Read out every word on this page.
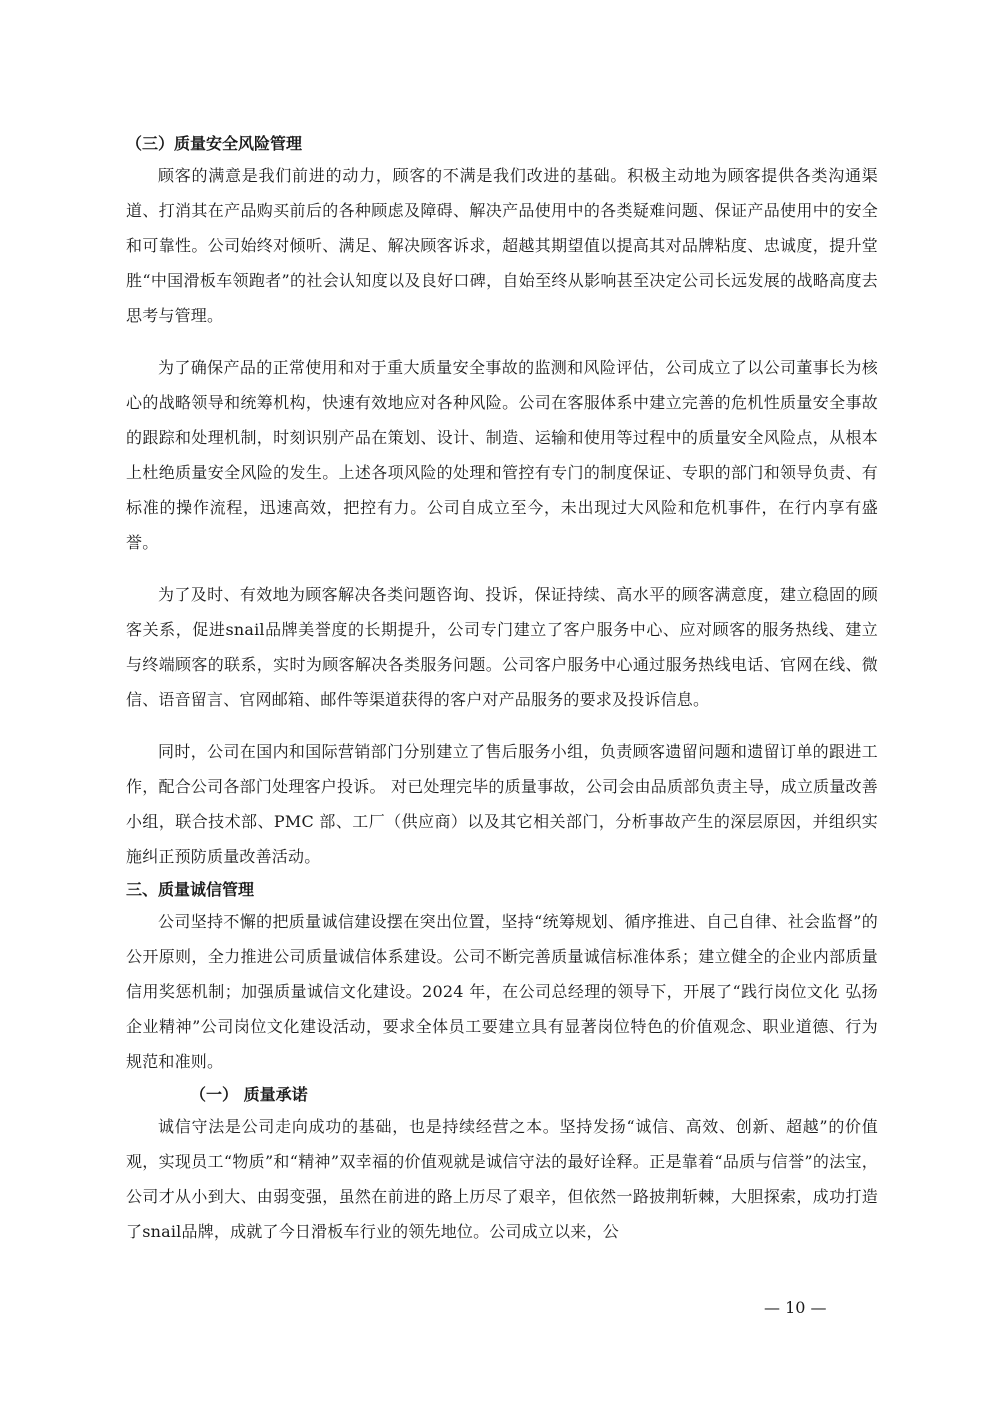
（三）质量安全风险管理

顾客的满意是我们前进的动力，顾客的不满是我们改进的基础。积极主动地为顾客提供各类沟通渠道、打消其在产品购买前后的各种顾虑及障碍、解决产品使用中的各类疑难问题、保证产品使用中的安全和可靠性。公司始终对倾听、满足、解决顾客诉求，超越其期望值以提高其对品牌粘度、忠诚度，提升堂胜“中国滑板车领跑者”的社会认知度以及良好口碑，自始至终从影响甚至决定公司长远发展的战略高度去思考与管理。

为了确保产品的正常使用和对于重大质量安全事故的监测和风险评估，公司成立了以公司董事长为核心的战略领导和统筹机构，快速有效地应对各种风险。公司在客服体系中建立完善的危机性质量安全事故的跟踪和处理机制，时刻识别产品在策划、设计、制造、运输和使用等过程中的质量安全风险点，从根本上杜绝质量安全风险的发生。上述各项风险的处理和管控有专门的制度保证、专职的部门和领导负责、有标准的操作流程，迅速高效，把控有力。公司自成立至今，未出现过大风险和危机事件，在行内享有盛誉。

为了及时、有效地为顾客解决各类问题咨询、投诉，保证持续、高水平的顾客满意度，建立稳固的顾客关系，促进snail品牌美誉度的长期提升，公司专门建立了客户服务中心、应对顾客的服务热线、建立与终端顾客的联系，实时为顾客解决各类服务问题。公司客户服务中心通过服务热线电话、官网在线、微信、语音留言、官网邮箱、邮件等渠道获得的客户对产品服务的要求及投诉信息。

同时，公司在国内和国际营销部门分别建立了售后服务小组，负责顾客遗留问题和遗留订单的跟进工作，配合公司各部门处理客户投诉。 对已处理完毕的质量事故，公司会由品质部负责主导，成立质量改善小组，联合技术部、PMC 部、工厂（供应商）以及其它相关部门，分析事故产生的深层原因，并组织实施纠正预防质量改善活动。

三、质量诚信管理

公司坚持不懈的把质量诚信建设摆在突出位置，坚持“统筹规划、循序推进、自己自律、社会监督”的公开原则，全力推进公司质量诚信体系建设。公司不断完善质量诚信标准体系；建立健全的企业内部质量信用奖惩机制；加强质量诚信文化建设。2024 年，在公司总经理的领导下，开展了“践行岗位文化 弘扬企业精神”公司岗位文化建设活动，要求全体员工要建立具有显著岗位特色的价值观念、职业道德、行为规范和准则。

（一） 质量承诺

诚信守法是公司走向成功的基础，也是持续经营之本。坚持发扬“诚信、高效、创新、超越”的价值观，实现员工“物质”和“精神”双幸福的价值观就是诚信守法的最好诠释。正是靠着“品质与信誉”的法宝，公司才从小到大、由弱变强，虽然在前进的路上历尽了艰辛，但依然一路披荆斩棘，大胆探索，成功打造了snail品牌，成就了今日滑板车行业的领先地位。公司成立以来，公

— 10 —
